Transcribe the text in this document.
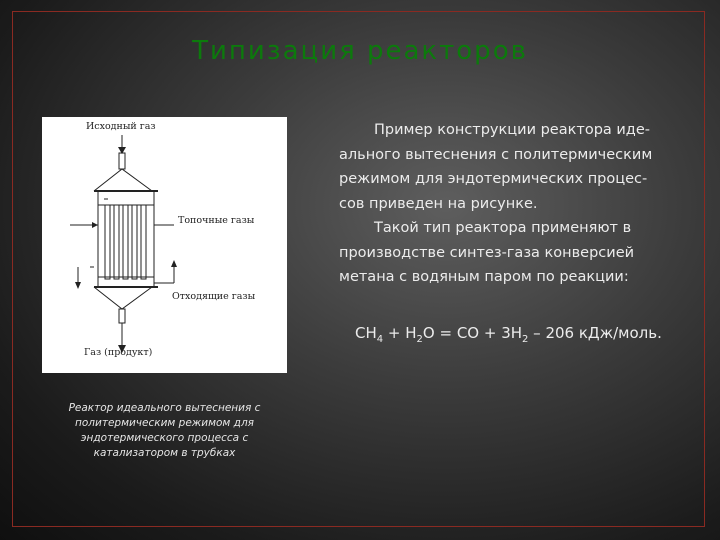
Типизация реакторов
Исходный газ
Топочные газы
Отходящие газы
Газ (продукт)
Реактор идеального вытеснения с
политермическим режимом для
эндотермического процесса с
катализатором в трубках

Пример конструкции реактора иде-
ального вытеснения с политермическим
режимом для эндотермических процес-
сов приведен на рисунке.

Такой тип реактора применяют в
производстве синтез-газа конверсией
метана с водяным паром по реакции:

$CH_4 + H_2O$ = CO + $3H_2 - 206$ кДж/моль.
